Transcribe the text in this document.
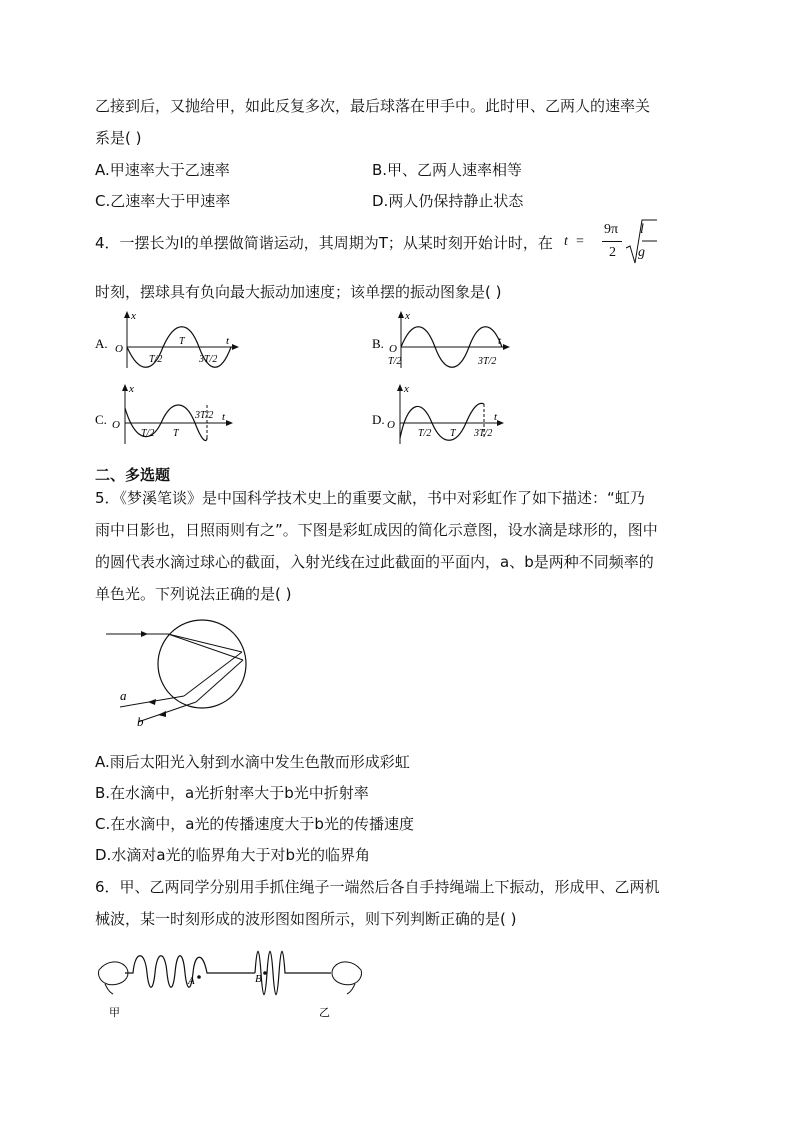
乙接到后，又抛给甲，如此反复多次，最后球落在甲手中。此时甲、乙两人的速率关
系是( )
A.甲速率大于乙速率	B.甲、乙两人速率相等
C.乙速率大于甲速率	D.两人仍保持静止状态
4．一摆长为l的单摆做简谐运动，其周期为T；从某时刻开始计时，在 t =
9π
2
l
g
时刻，摆球具有负向最大振动加速度；该单摆的振动图象是( )
A.
x
O
t
T/2
T
3T/2
B.
x
O
t
T/2	3T/2
C.
x
O
t
T/2 T
3T/2	D.
x
O
t
T/2 T 3T/2
二、多选题
5．《梦溪笔谈》是中国科学技术史上的重要文献，书中对彩虹作了如下描述：“虹乃
雨中日影也，日照雨则有之”。下图是彩虹成因的简化示意图，设水滴是球形的，图中
的圆代表水滴过球心的截面，入射光线在过此截面的平面内，a、b是两种不同频率的
单色光。下列说法正确的是( )
a
b
A.雨后太阳光入射到水滴中发生色散而形成彩虹
B.在水滴中，a光折射率大于b光中折射率
C.在水滴中，a光的传播速度大于b光的传播速度
D.水滴对a光的临界角大于对b光的临界角
6．甲、乙两同学分别用手抓住绳子一端然后各自手持绳端上下振动，形成甲、乙两机
械波，某一时刻形成的波形图如图所示，则下列判断正确的是( )
A	B
甲	乙
